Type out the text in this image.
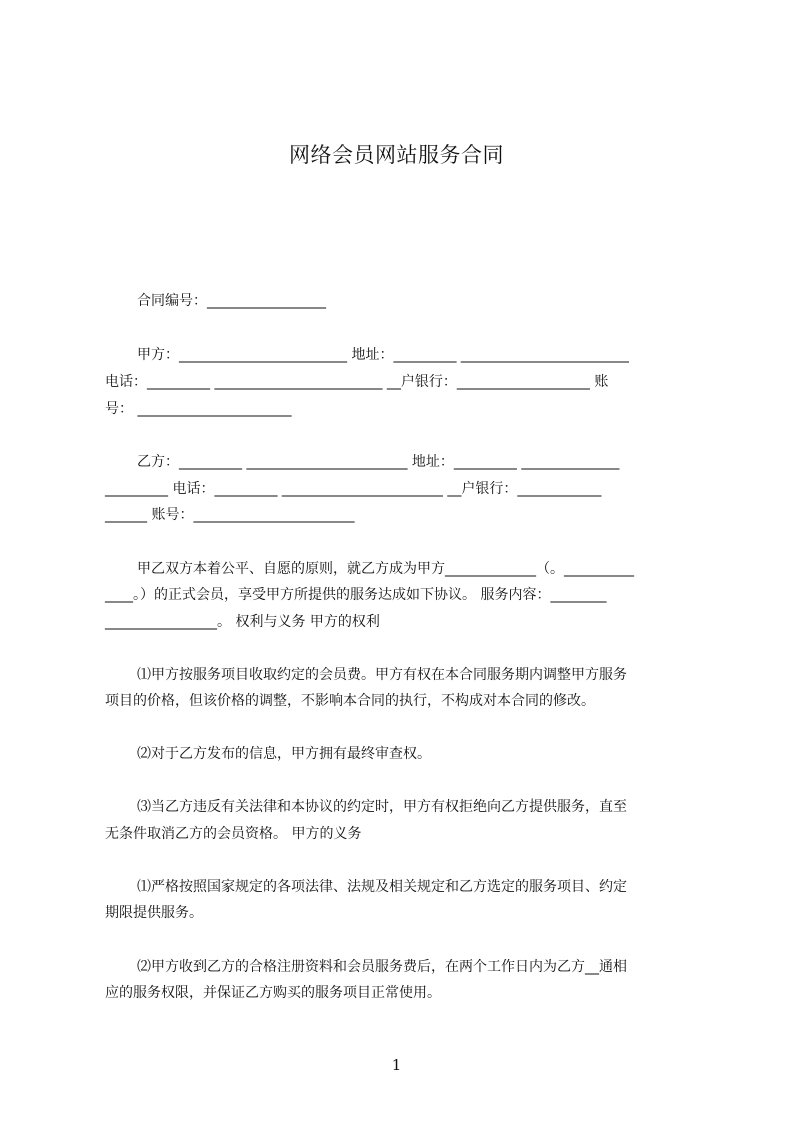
网络会员网站服务合同
合同编号：_________________
甲方：________________________ 地址：_________ ________________________
电话：_________ ________________________ __户银行：___________________ 账
号： ______________________
乙方：_________ _______________________ 地址：_________ ______________
_________ 电话：_________ _______________________ __户银行：____________
______ 账号：_______________________
甲乙双方本着公平、自愿的原则，就乙方成为甲方_____________（。__________
____。）的正式会员，享受甲方所提供的服务达成如下协议。 服务内容：________
________________。 权利与义务 甲方的权利
⑴甲方按服务项目收取约定的会员费。甲方有权在本合同服务期内调整甲方服务
项目的价格，但该价格的调整，不影响本合同的执行，不构成对本合同的修改。
⑵对于乙方发布的信息，甲方拥有最终审查权。
⑶当乙方违反有关法律和本协议的约定时，甲方有权拒绝向乙方提供服务，直至
无条件取消乙方的会员资格。 甲方的义务
⑴严格按照国家规定的各项法律、法规及相关规定和乙方选定的服务项目、约定
期限提供服务。
⑵甲方收到乙方的合格注册资料和会员服务费后，在两个工作日内为乙方__通相
应的服务权限，并保证乙方购买的服务项目正常使用。
1
